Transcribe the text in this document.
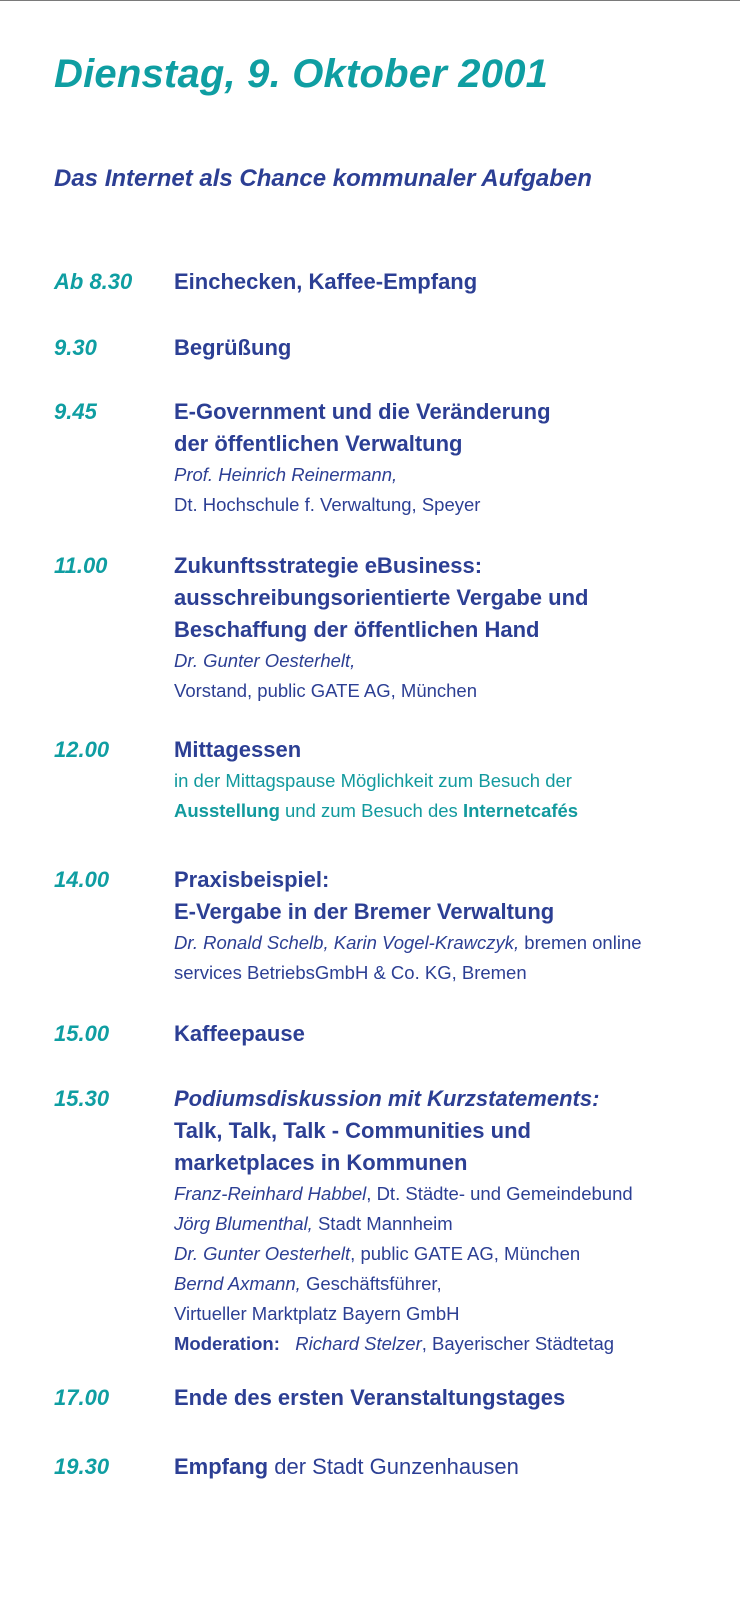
Dienstag, 9. Oktober 2001
Das Internet als Chance kommunaler Aufgaben
Ab 8.30 Einchecken, Kaffee-Empfang
9.30	Begrüßung
9.45	E-Government und die Veränderung
der öffentlichen Verwaltung
Prof. Heinrich Reinermann,
Dt. Hochschule f. Verwaltung, Speyer
11.00	Zukunftsstrategie eBusiness:
ausschreibungsorientierte Vergabe und
Beschaffung der öffentlichen Hand
Dr. Gunter Oesterhelt,
Vorstand, public GATE AG, München
12.00	Mittagessen
in der Mittagspause Möglichkeit zum Besuch der
Ausstellung und zum Besuch des Internetcafés
14.00	Praxisbeispiel:
E-Vergabe in der Bremer Verwaltung
Dr. Ronald Schelb, Karin Vogel-Krawczyk, bremen online
services BetriebsGmbH & Co. KG, Bremen
15.00	Kaffeepause
15.30	Podiumsdiskussion mit Kurzstatements:
Talk, Talk, Talk - Communities und
marketplaces in Kommunen
Franz-Reinhard Habbel, Dt. Städte- und Gemeindebund
Jörg Blumenthal, Stadt Mannheim
Dr. Gunter Oesterhelt, public GATE AG, München
Bernd Axmann, Geschäftsführer,
Virtueller Marktplatz Bayern GmbH
Moderation: Richard Stelzer, Bayerischer Städtetag
17.00	Ende des ersten Veranstaltungstages
19.30	Empfang der Stadt Gunzenhausen
